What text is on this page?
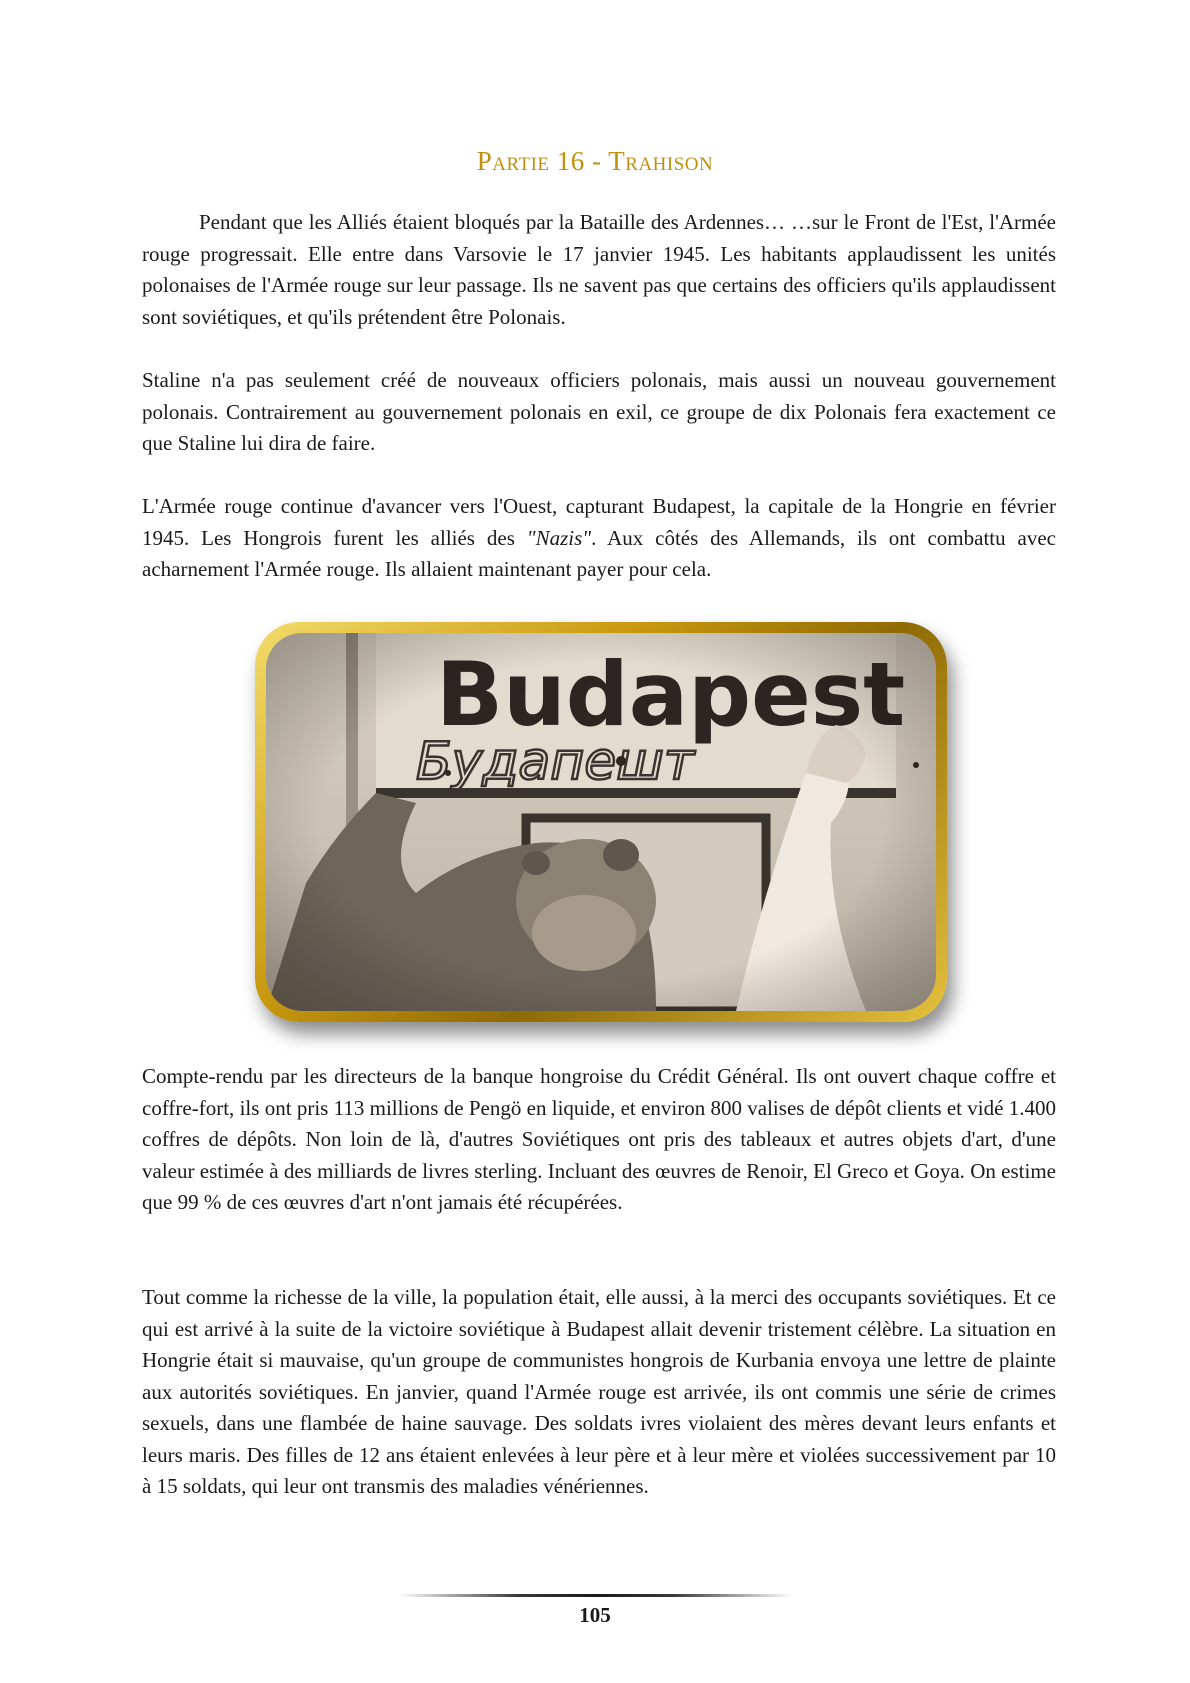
Partie 16 - Trahison

Pendant que les Alliés étaient bloqués par la Bataille des Ardennes… …sur le Front de l'Est, l'Armée rouge progressait. Elle entre dans Varsovie le 17 janvier 1945. Les habitants applaudissent les unités polonaises de l'Armée rouge sur leur passage. Ils ne savent pas que certains des officiers qu'ils applaudissent sont soviétiques, et qu'ils prétendent être Polonais.

Staline n'a pas seulement créé de nouveaux officiers polonais, mais aussi un nouveau gouvernement polonais. Contrairement au gouvernement polonais en exil, ce groupe de dix Polonais fera exactement ce que Staline lui dira de faire.

L'Armée rouge continue d'avancer vers l'Ouest, capturant Budapest, la capitale de la Hongrie en février 1945. Les Hongrois furent les alliés des "Nazis". Aux côtés des Allemands, ils ont combattu avec acharnement l'Armée rouge. Ils allaient maintenant payer pour cela.

Compte-rendu par les directeurs de la banque hongroise du Crédit Général. Ils ont ouvert chaque coffre et coffre-fort, ils ont pris 113 millions de Pengö en liquide, et environ 800 valises de dépôt clients et vidé 1.400 coffres de dépôts. Non loin de là, d'autres Soviétiques ont pris des tableaux et autres objets d'art, d'une valeur estimée à des milliards de livres sterling. Incluant des œuvres de Renoir, El Greco et Goya. On estime que 99 % de ces œuvres d'art n'ont jamais été récupérées.

Tout comme la richesse de la ville, la population était, elle aussi, à la merci des occupants soviétiques. Et ce qui est arrivé à la suite de la victoire soviétique à Budapest allait devenir tristement célèbre. La situation en Hongrie était si mauvaise, qu'un groupe de communistes hongrois de Kurbania envoya une lettre de plainte aux autorités soviétiques. En janvier, quand l'Armée rouge est arrivée, ils ont commis une série de crimes sexuels, dans une flambée de haine sauvage. Des soldats ivres violaient des mères devant leurs enfants et leurs maris. Des filles de 12 ans étaient enlevées à leur père et à leur mère et violées successivement par 10 à 15 soldats, qui leur ont transmis des maladies vénériennes.

105
